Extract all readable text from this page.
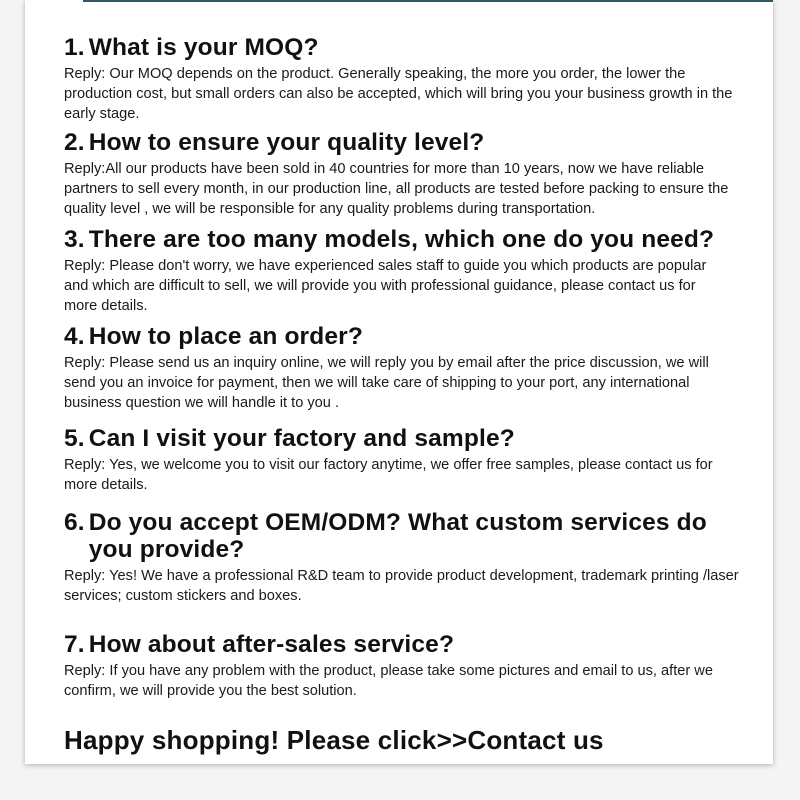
1. What is your MOQ?
Reply: Our MOQ depends on the product. Generally speaking, the more you order, the lower the production cost, but small orders can also be accepted, which will bring you your business growth in the early stage.
2. How to ensure your quality level?
Reply:All our products have been sold in 40 countries for more than 10 years, now we have reliable partners to sell every month, in our production line, all products are tested before packing to ensure the quality level , we will be responsible for any quality problems during transportation.
3. There are too many models, which one do you need?
Reply: Please don't worry, we have experienced sales staff to guide you which products are popular and which are difficult to sell, we will provide you with professional guidance, please contact us for more details.
4. How to place an order?
Reply: Please send us an inquiry online, we will reply you by email after the price discussion, we will send you an invoice for payment, then we will take care of shipping to your port, any international business question we will handle it to you .
5. Can I visit your factory and sample?
Reply: Yes, we welcome you to visit our factory anytime, we offer free samples, please contact us for more details.
6. Do you accept OEM/ODM? What custom services do you provide?
Reply: Yes! We have a professional R&D team to provide product development, trademark printing /laser services; custom stickers and boxes.
7. How about after-sales service?
Reply: If you have any problem with the product, please take some pictures and email to us, after we confirm, we will provide you the best solution.
Happy shopping! Please click>>Contact us
